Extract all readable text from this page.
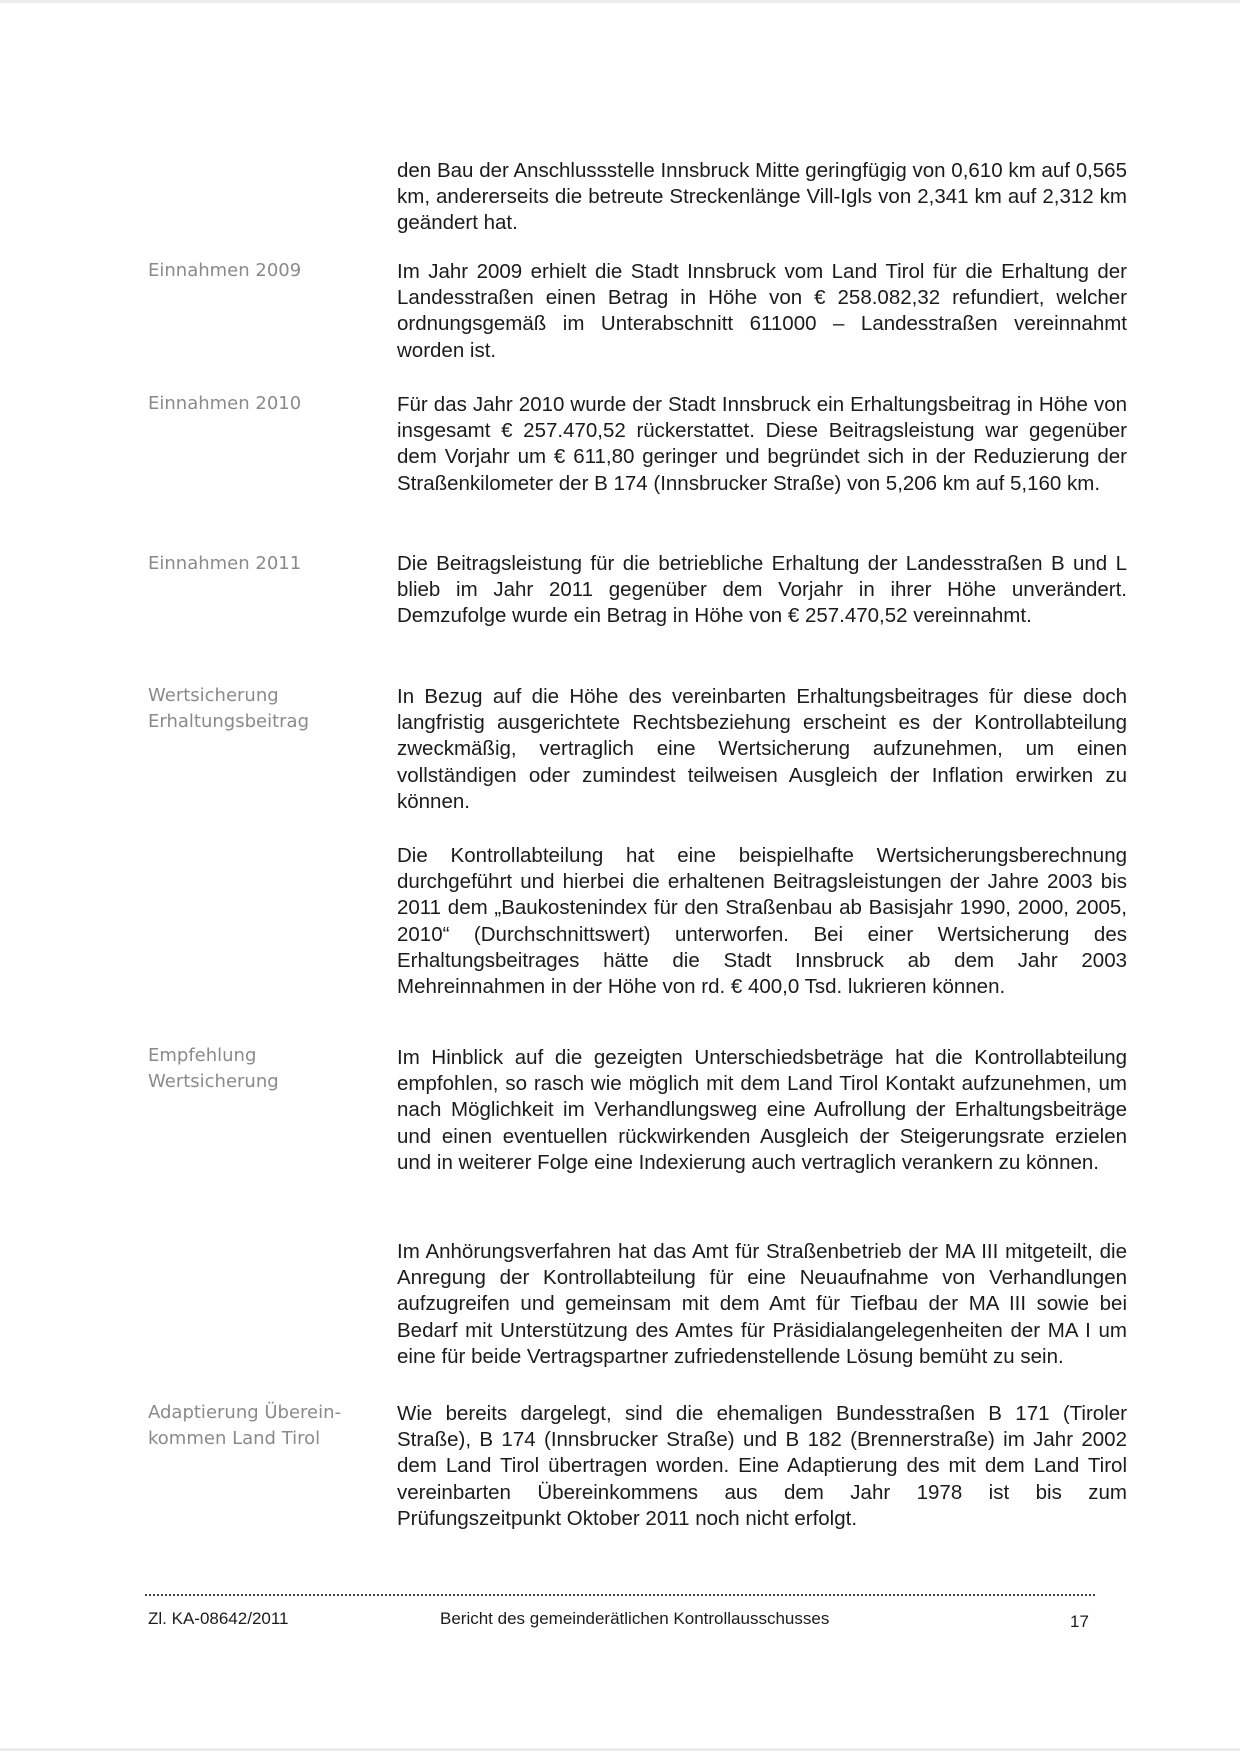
Einnahmen 2009
Einnahmen 2010
Einnahmen 2011
Wertsicherung
Erhaltungsbeitrag
Empfehlung
Wertsicherung
Adaptierung Überein-
kommen Land Tirol

den Bau der Anschlussstelle Innsbruck Mitte geringfügig von 0,610 km auf 0,565 km, andererseits die betreute Streckenlänge Vill-Igls von 2,341 km auf 2,312 km geändert hat.

Im Jahr 2009 erhielt die Stadt Innsbruck vom Land Tirol für die Erhaltung der Landesstraßen einen Betrag in Höhe von € 258.082,32 refundiert, welcher ordnungsgemäß im Unterabschnitt 611000 – Landesstraßen vereinnahmt worden ist.

Für das Jahr 2010 wurde der Stadt Innsbruck ein Erhaltungsbeitrag in Höhe von insgesamt € 257.470,52 rückerstattet. Diese Beitragsleistung war gegenüber dem Vorjahr um € 611,80 geringer und begründet sich in der Reduzierung der Straßenkilometer der B 174 (Innsbrucker Straße) von 5,206 km auf 5,160 km.

Die Beitragsleistung für die betriebliche Erhaltung der Landesstraßen B und L blieb im Jahr 2011 gegenüber dem Vorjahr in ihrer Höhe unverändert. Demzufolge wurde ein Betrag in Höhe von € 257.470,52 vereinnahmt.

In Bezug auf die Höhe des vereinbarten Erhaltungsbeitrages für diese doch langfristig ausgerichtete Rechtsbeziehung erscheint es der Kontrollabteilung zweckmäßig, vertraglich eine Wertsicherung aufzunehmen, um einen vollständigen oder zumindest teilweisen Ausgleich der Inflation erwirken zu können.

Die Kontrollabteilung hat eine beispielhafte Wertsicherungsberechnung durchgeführt und hierbei die erhaltenen Beitragsleistungen der Jahre 2003 bis 2011 dem „Baukostenindex für den Straßenbau ab Basisjahr 1990, 2000, 2005, 2010“ (Durchschnittswert) unterworfen. Bei einer Wertsicherung des Erhaltungsbeitrages hätte die Stadt Innsbruck ab dem Jahr 2003 Mehreinnahmen in der Höhe von rd. € 400,0 Tsd. lukrieren können.

Im Hinblick auf die gezeigten Unterschiedsbeträge hat die Kontrollabteilung empfohlen, so rasch wie möglich mit dem Land Tirol Kontakt aufzunehmen, um nach Möglichkeit im Verhandlungsweg eine Aufrollung der Erhaltungsbeiträge und einen eventuellen rückwirkenden Ausgleich der Steigerungsrate erzielen und in weiterer Folge eine Indexierung auch vertraglich verankern zu können.

Im Anhörungsverfahren hat das Amt für Straßenbetrieb der MA III mitgeteilt, die Anregung der Kontrollabteilung für eine Neuaufnahme von Verhandlungen aufzugreifen und gemeinsam mit dem Amt für Tiefbau der MA III sowie bei Bedarf mit Unterstützung des Amtes für Präsidialangelegenheiten der MA I um eine für beide Vertragspartner zufriedenstellende Lösung bemüht zu sein.

Wie bereits dargelegt, sind die ehemaligen Bundesstraßen B 171 (Tiroler Straße), B 174 (Innsbrucker Straße) und B 182 (Brennerstraße) im Jahr 2002 dem Land Tirol übertragen worden. Eine Adaptierung des mit dem Land Tirol vereinbarten Übereinkommens aus dem Jahr 1978 ist bis zum Prüfungszeitpunkt Oktober 2011 noch nicht erfolgt.

Zl. KA-08642/2011	Bericht des gemeinderätlichen Kontrollausschusses	17
